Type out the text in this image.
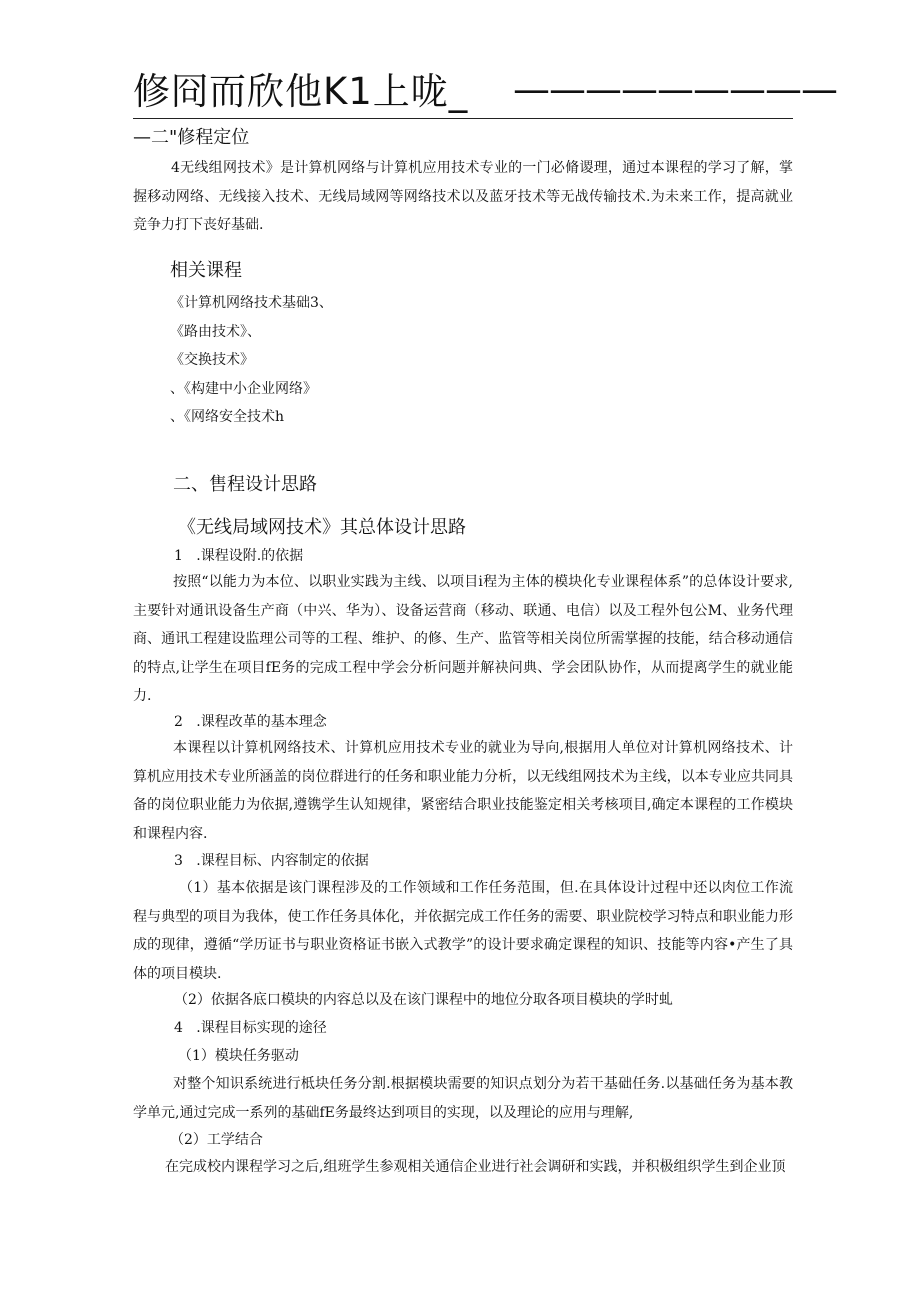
修冏而欣他K1上咙_ —————————
—二"修程定位
4无线组网技术》是计算机网络与计算机应用技术专业的一门必脩谡理，通过本课程的学习了解，掌握移动网络、无线接入技术、无线局域网等网络技术以及蓝牙技术等无战传输技术.为未来工作，提高就业竞争力打下丧好基础.
相关课程
《计算机网络技术基础3、
《路由技术》、
《交换技术》
、《构建中小企业网络》
、《网络安全技术h
二、售程设计思路
《无线局域网技术》其总体设计思路
1   .课程设附.的依据
按照“以能力为本位、以职业实践为主线、以项目i程为主体的模块化专业课程体系”的总体设计要求,主要针对通讯设备生产商（中兴、华为）、设备运营商（移动、联通、电信）以及工程外包公M、业务代理商、通讯工程建设监理公司等的工程、维护、的修、生产、监管等相关岗位所需掌握的技能，结合移动通信的特点,让学生在项目fE务的完成工程中学会分析问题并解袂问典、学会团队协作，从而提离学生的就业能力.
2   .课程改革的基本理念
本课程以计算机网络技术、计算机应用技术专业的就业为导向,根据用人单位对计算机网络技术、计算机应用技术专业所涵盖的岗位群进行的任务和职业能力分析，以无线组网技术为主线，以本专业应共同具备的岗位职业能力为依据,遵镌学生认知规律，紧密结合职业技能鉴定相关考核项目,确定本课程的工作模块和课程内容.
3   .课程目标、内容制定的依据
（1）基本依据是该门课程涉及的工作领域和工作任务范围，但.在具体设计过程中还以肉位工作流程与典型的项目为我体，使工作任务具体化，并依据完成工作任务的需要、职业院校学习特点和职业能力形成的现律，遵循“学历证书与职业资格证书嵌入式教学”的设计要求确定课程的知识、技能等内容•产生了具体的项目模块.
（2）依据各底口模块的内容总以及在该门课程中的地位分取各项目模块的学时虬
4   .课程目标实现的途径
（1）模块任务驱动
对整个知识系统进行柢块任务分割.根据模块需要的知识点划分为若干基础任务.以基础任务为基本教学单元,通过完成一系列的基础fE务最终达到项目的实现，以及理论的应用与理解,
（2）工学结合
在完成校内课程学习之后,组班学生参观相关通信企业进行社会调研和实践，并积极组织学生到企业顶
